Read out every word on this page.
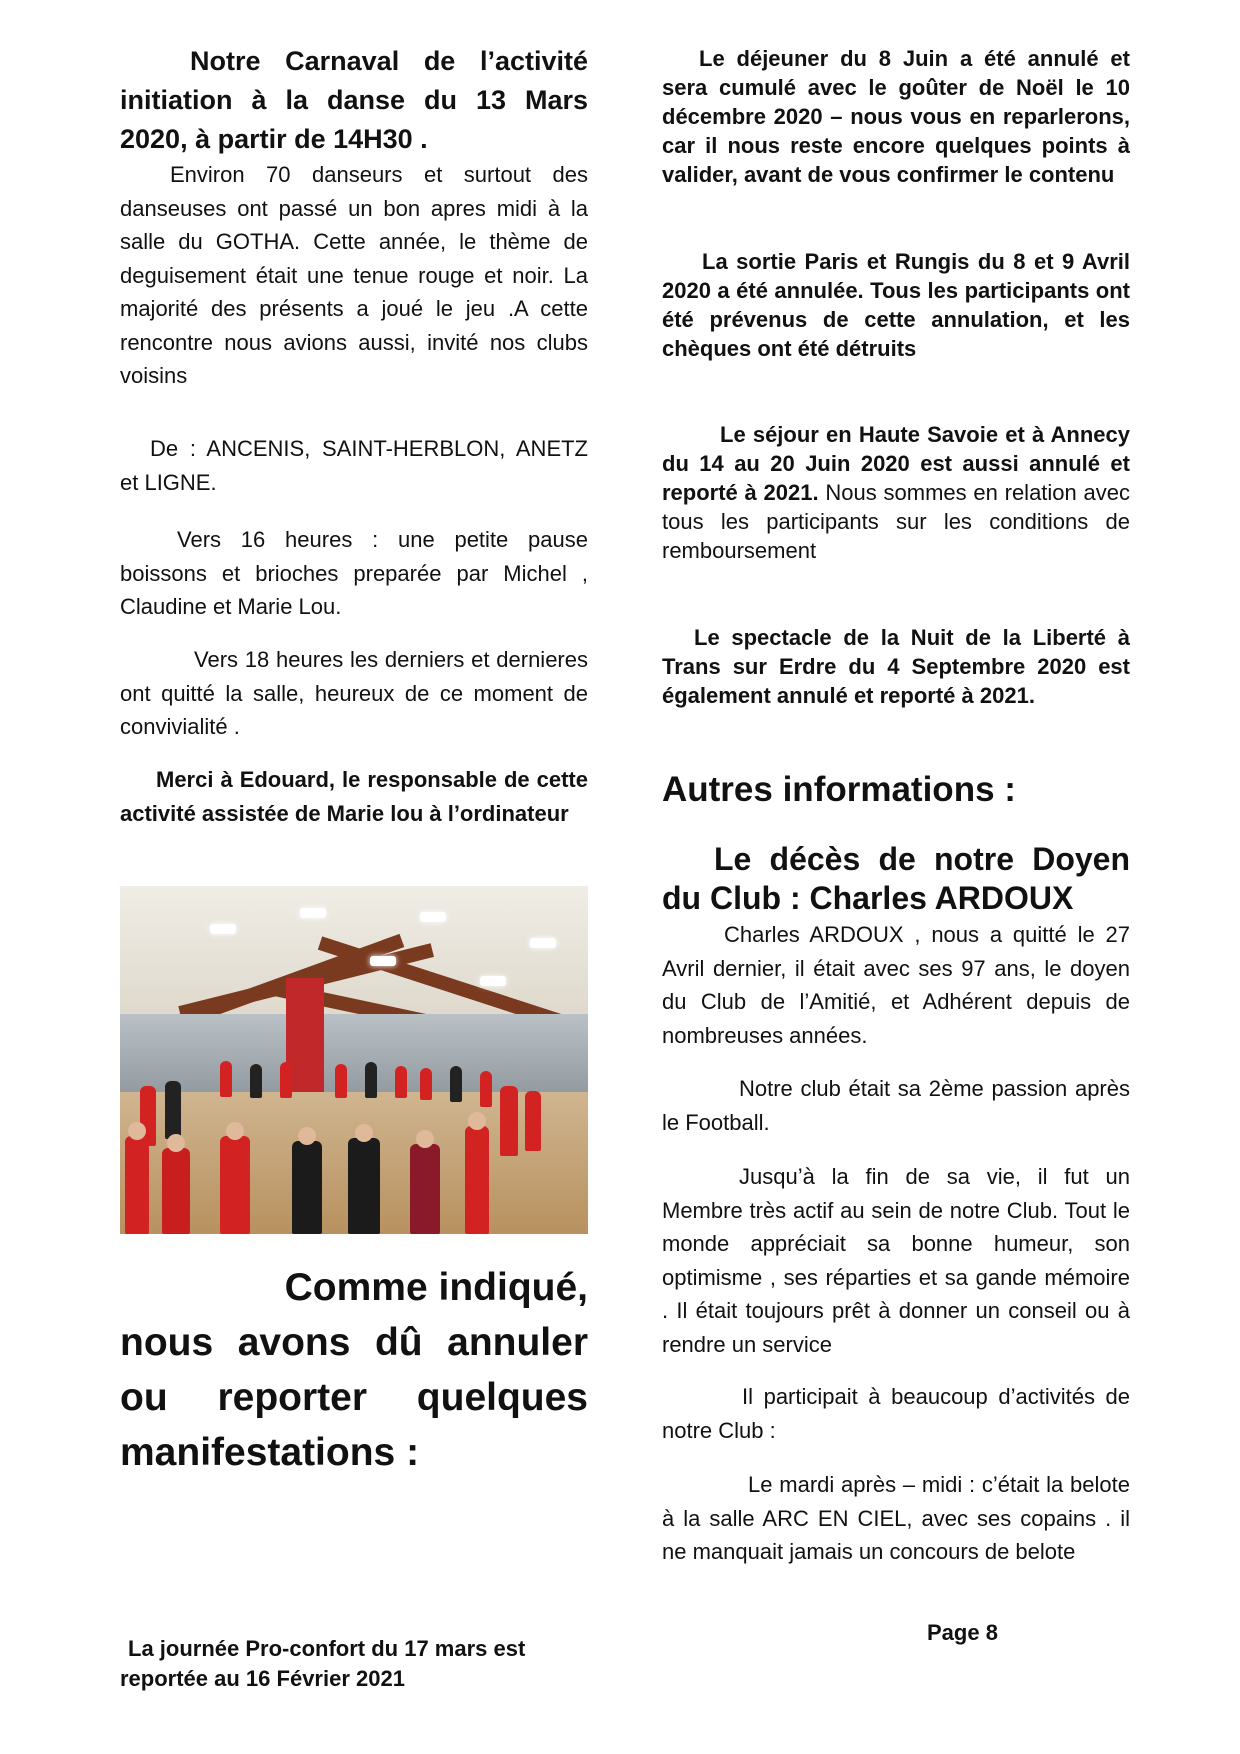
Notre Carnaval de l’activité initiation à la danse du 13 Mars 2020, à partir de 14H30 .

Environ 70 danseurs et surtout des danseuses ont passé un bon apres midi à la salle du GOTHA. Cette année, le thème de deguisement était une tenue rouge et noir. La majorité des présents a joué le jeu .A cette rencontre nous avions aussi, invité nos clubs voisins

De : ANCENIS, SAINT-HERBLON, ANETZ et LIGNE.

Vers 16 heures : une petite pause boissons et brioches preparée par Michel , Claudine et Marie Lou.

Vers 18 heures les derniers et dernieres ont quitté la salle, heureux de ce moment de convivialité .

Merci à Edouard, le responsable de cette activité assistée de Marie lou à l’ordinateur

Comme indiqué,
nous avons dû annuler ou reporter quelques manifestations :

La journée Pro-confort du 17 mars est reportée au 16 Février 2021

Le déjeuner du 8 Juin a été annulé et sera cumulé avec le goûter de Noël le 10 décembre 2020 – nous vous en reparlerons, car il nous reste encore quelques points à valider, avant de vous confirmer le contenu

La sortie Paris et Rungis du 8 et 9 Avril 2020 a été annulée. Tous les participants ont été prévenus de cette annulation, et les chèques ont été détruits

Le séjour en Haute Savoie et à Annecy du 14 au 20 Juin 2020 est aussi annulé et reporté à 2021. Nous sommes en relation avec tous les participants sur les conditions de remboursement

Le spectacle de la Nuit de la Liberté à Trans sur Erdre du 4 Septembre 2020 est également annulé et reporté à 2021.

Autres informations :

Le décès de notre Doyen du Club : Charles ARDOUX

Charles ARDOUX , nous a quitté le 27 Avril dernier, il était avec ses 97 ans, le doyen du Club de l’Amitié, et Adhérent depuis de nombreuses années.

Notre club était sa 2ème passion après le Football.

Jusqu’à la fin de sa vie, il fut un Membre très actif au sein de notre Club. Tout le monde appréciait sa bonne humeur, son optimisme , ses réparties et sa gande mémoire . Il était toujours prêt à donner un conseil ou à rendre un service

Il participait à beaucoup d’activités de notre Club :

Le mardi après – midi : c’était la belote à la salle ARC EN CIEL, avec ses copains . il ne manquait jamais un concours de belote

Page 8
